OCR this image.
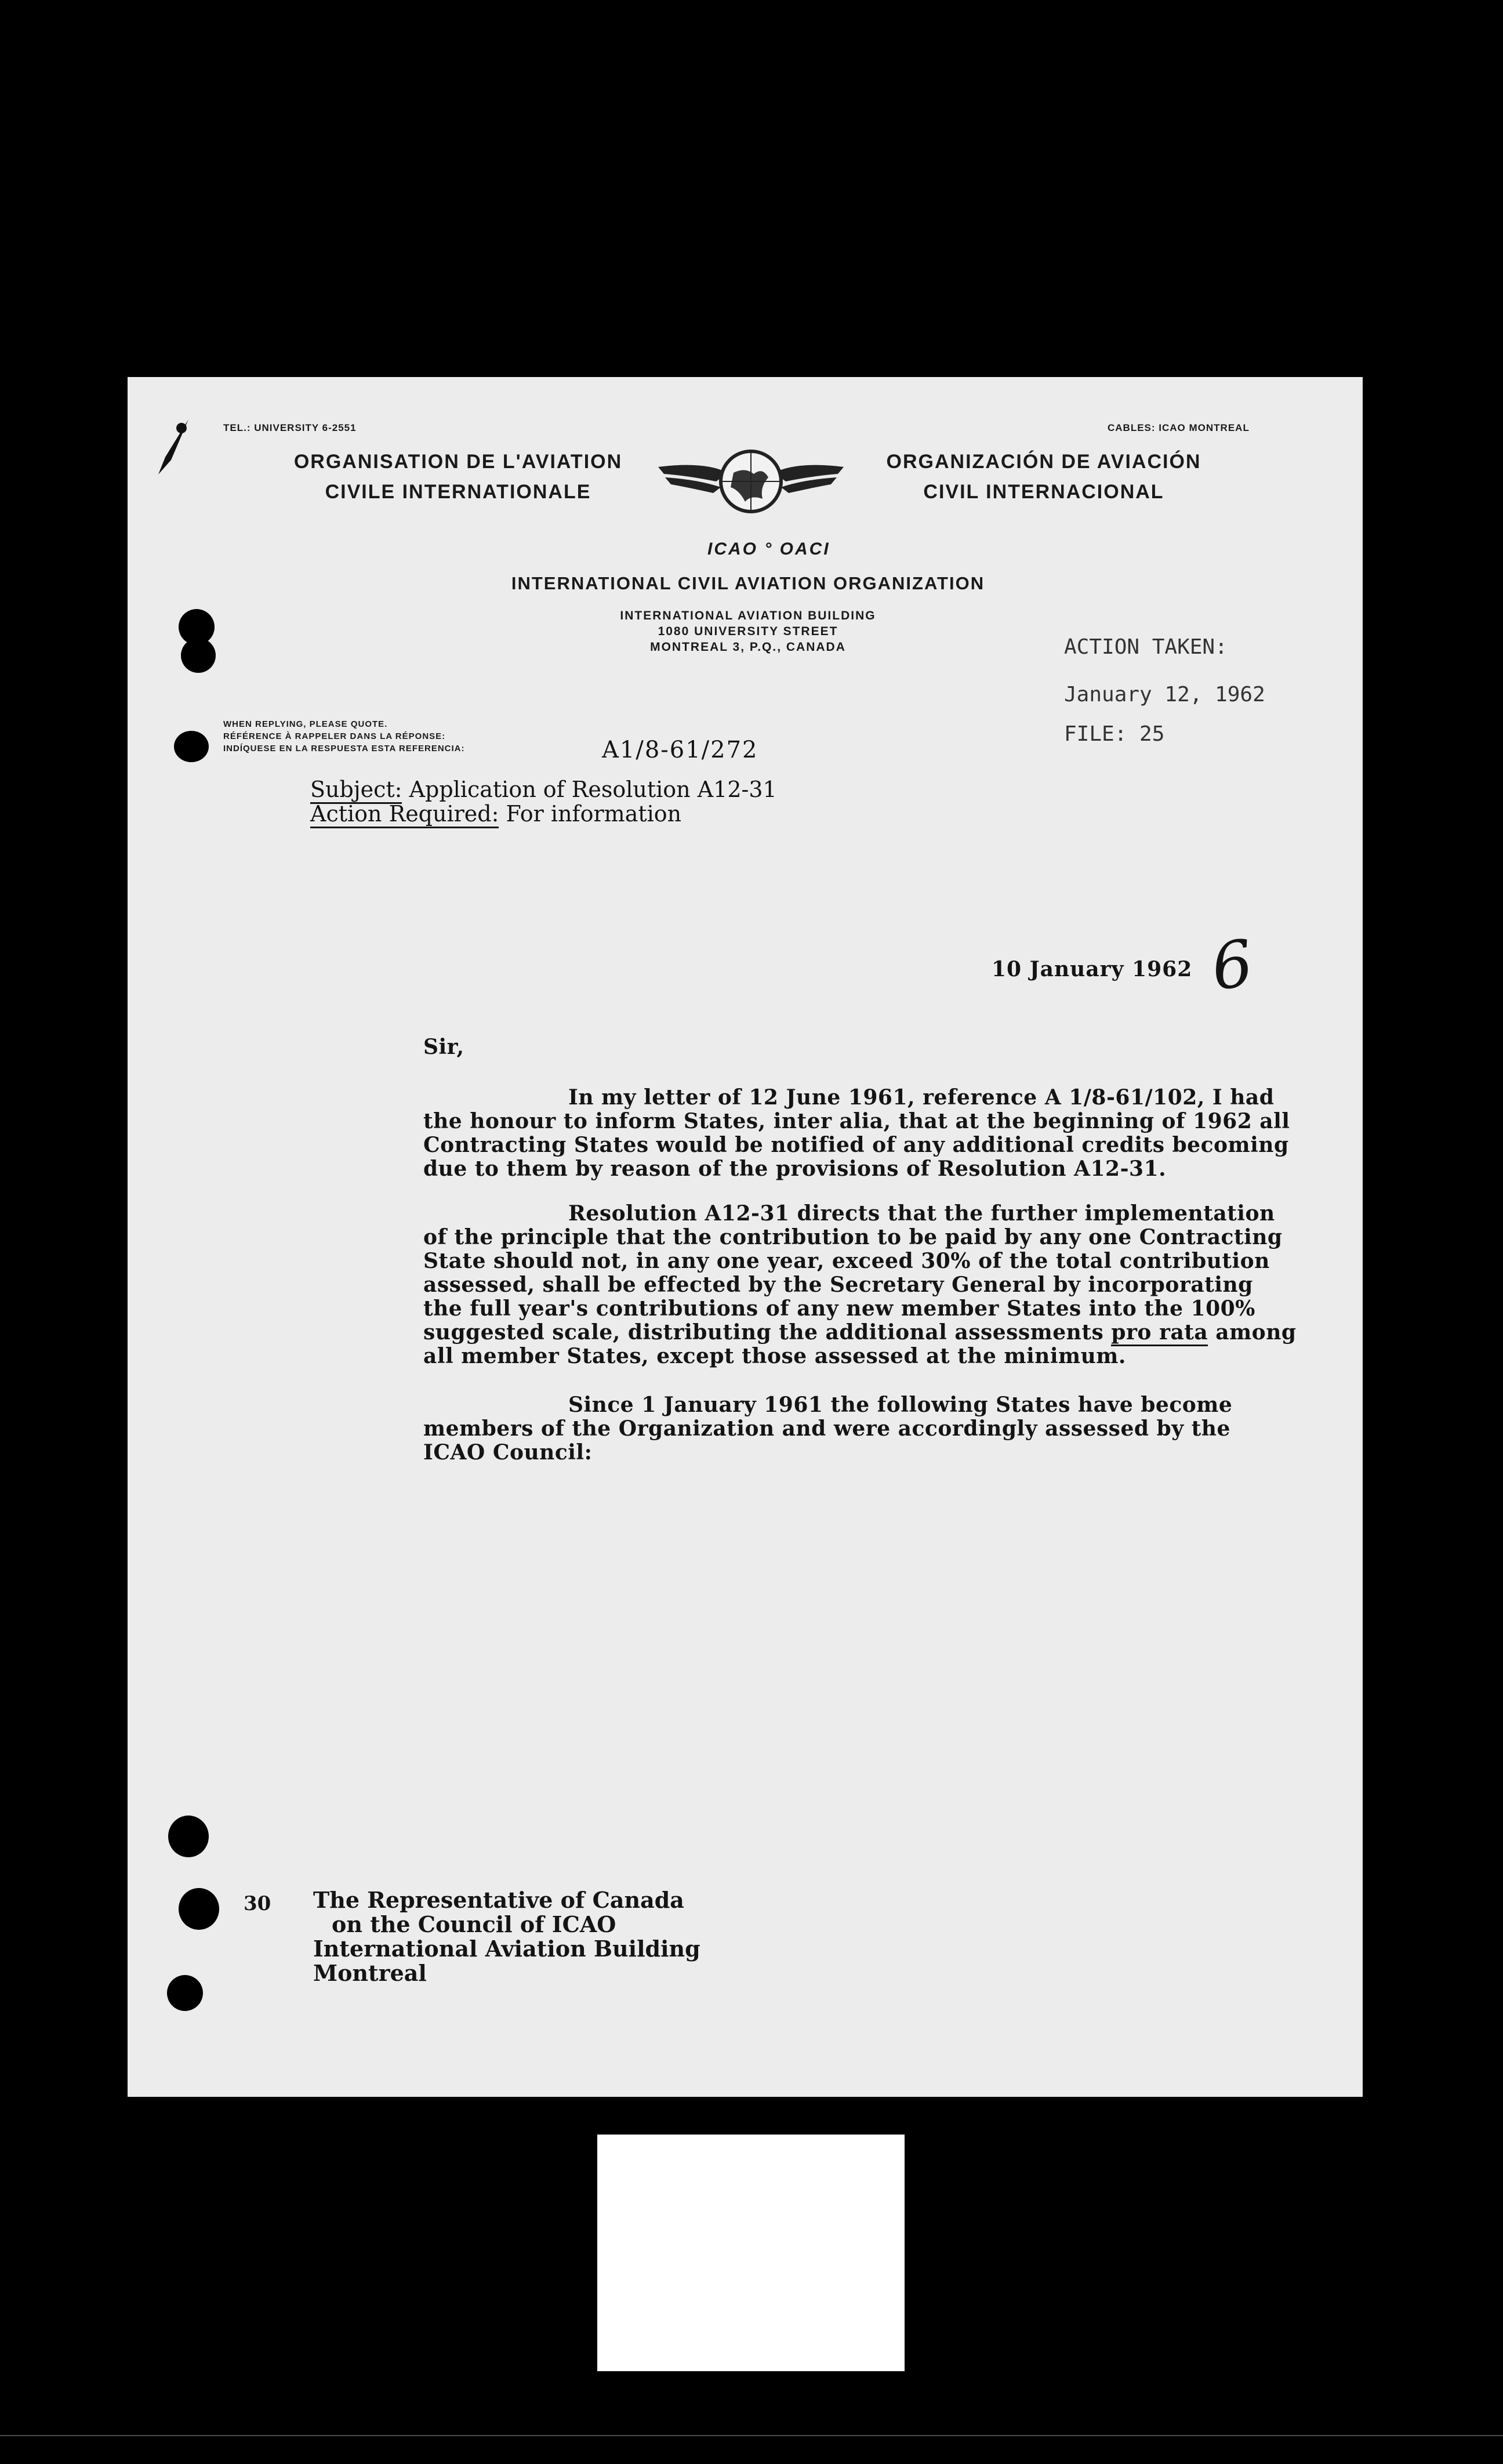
TEL.: UNIVERSITY 6-2551	CABLES: ICAO MONTREAL
ORGANISATION DE L'AVIATION
CIVILE INTERNATIONALE
ICAO ° OACI
ORGANIZACIÓN DE AVIACIÓN
CIVIL INTERNACIONAL
INTERNATIONAL CIVIL AVIATION ORGANIZATION
INTERNATIONAL AVIATION BUILDING
1080 UNIVERSITY STREET
MONTREAL 3, P.Q., CANADA
WHEN REPLYING, PLEASE QUOTE.
RÉFÉRENCE À RAPPELER DANS LA RÉPONSE:
INDÍQUESE EN LA RESPUESTA ESTA REFERENCIA:	A1/8-61/272
ACTION TAKEN:
January 12, 1962
FILE: 25
Subject: Application of Resolution A12-31
Action Required: For information
10 January 1962 6
Sir,
In my letter of 12 June 1961, reference A 1/8-61/102, I had
the honour to inform States, inter alia, that at the beginning of 1962 all
Contracting States would be notified of any additional credits becoming
due to them by reason of the provisions of Resolution A12-31.
Resolution A12-31 directs that the further implementation
of the principle that the contribution to be paid by any one Contracting
State should not, in any one year, exceed 30% of the total contribution
assessed, shall be effected by the Secretary General by incorporating
the full year's contributions of any new member States into the 100%
suggested scale, distributing the additional assessments pro rata among
all member States, except those assessed at the minimum.
Since 1 January 1961 the following States have become
members of the Organization and were accordingly assessed by the
ICAO Council:
30 The Representative of Canada
on the Council of ICAO
International Aviation Building
Montreal
